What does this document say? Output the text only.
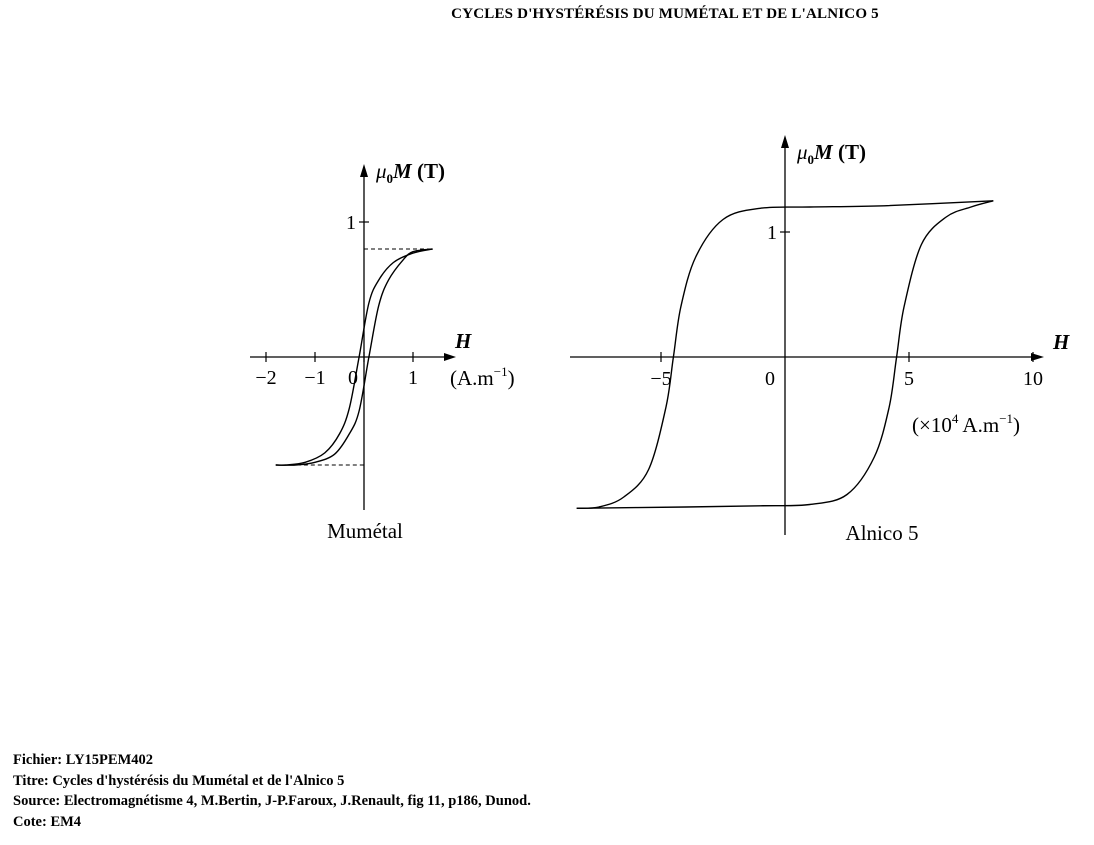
CYCLES D'HYSTÉRÉSIS DU MUMÉTAL ET DE L'ALNICO 5
−2 −1 0	1
1
$\mu_0M$ (T)
H
$(A.m^{-1})$
Mumétal
−5	5	10
0
1
$\mu_0M$ (T)
H
($\times 10^4$ $A.m^{-1}$)
Alnico 5
Fichier: LY15PEM402
Titre: Cycles d'hystérésis du Mumétal et de l'Alnico 5
Source: Electromagnétisme 4, M.Bertin, J-P.Faroux, J.Renault, fig 11, p186, Dunod.
Cote: EM4
